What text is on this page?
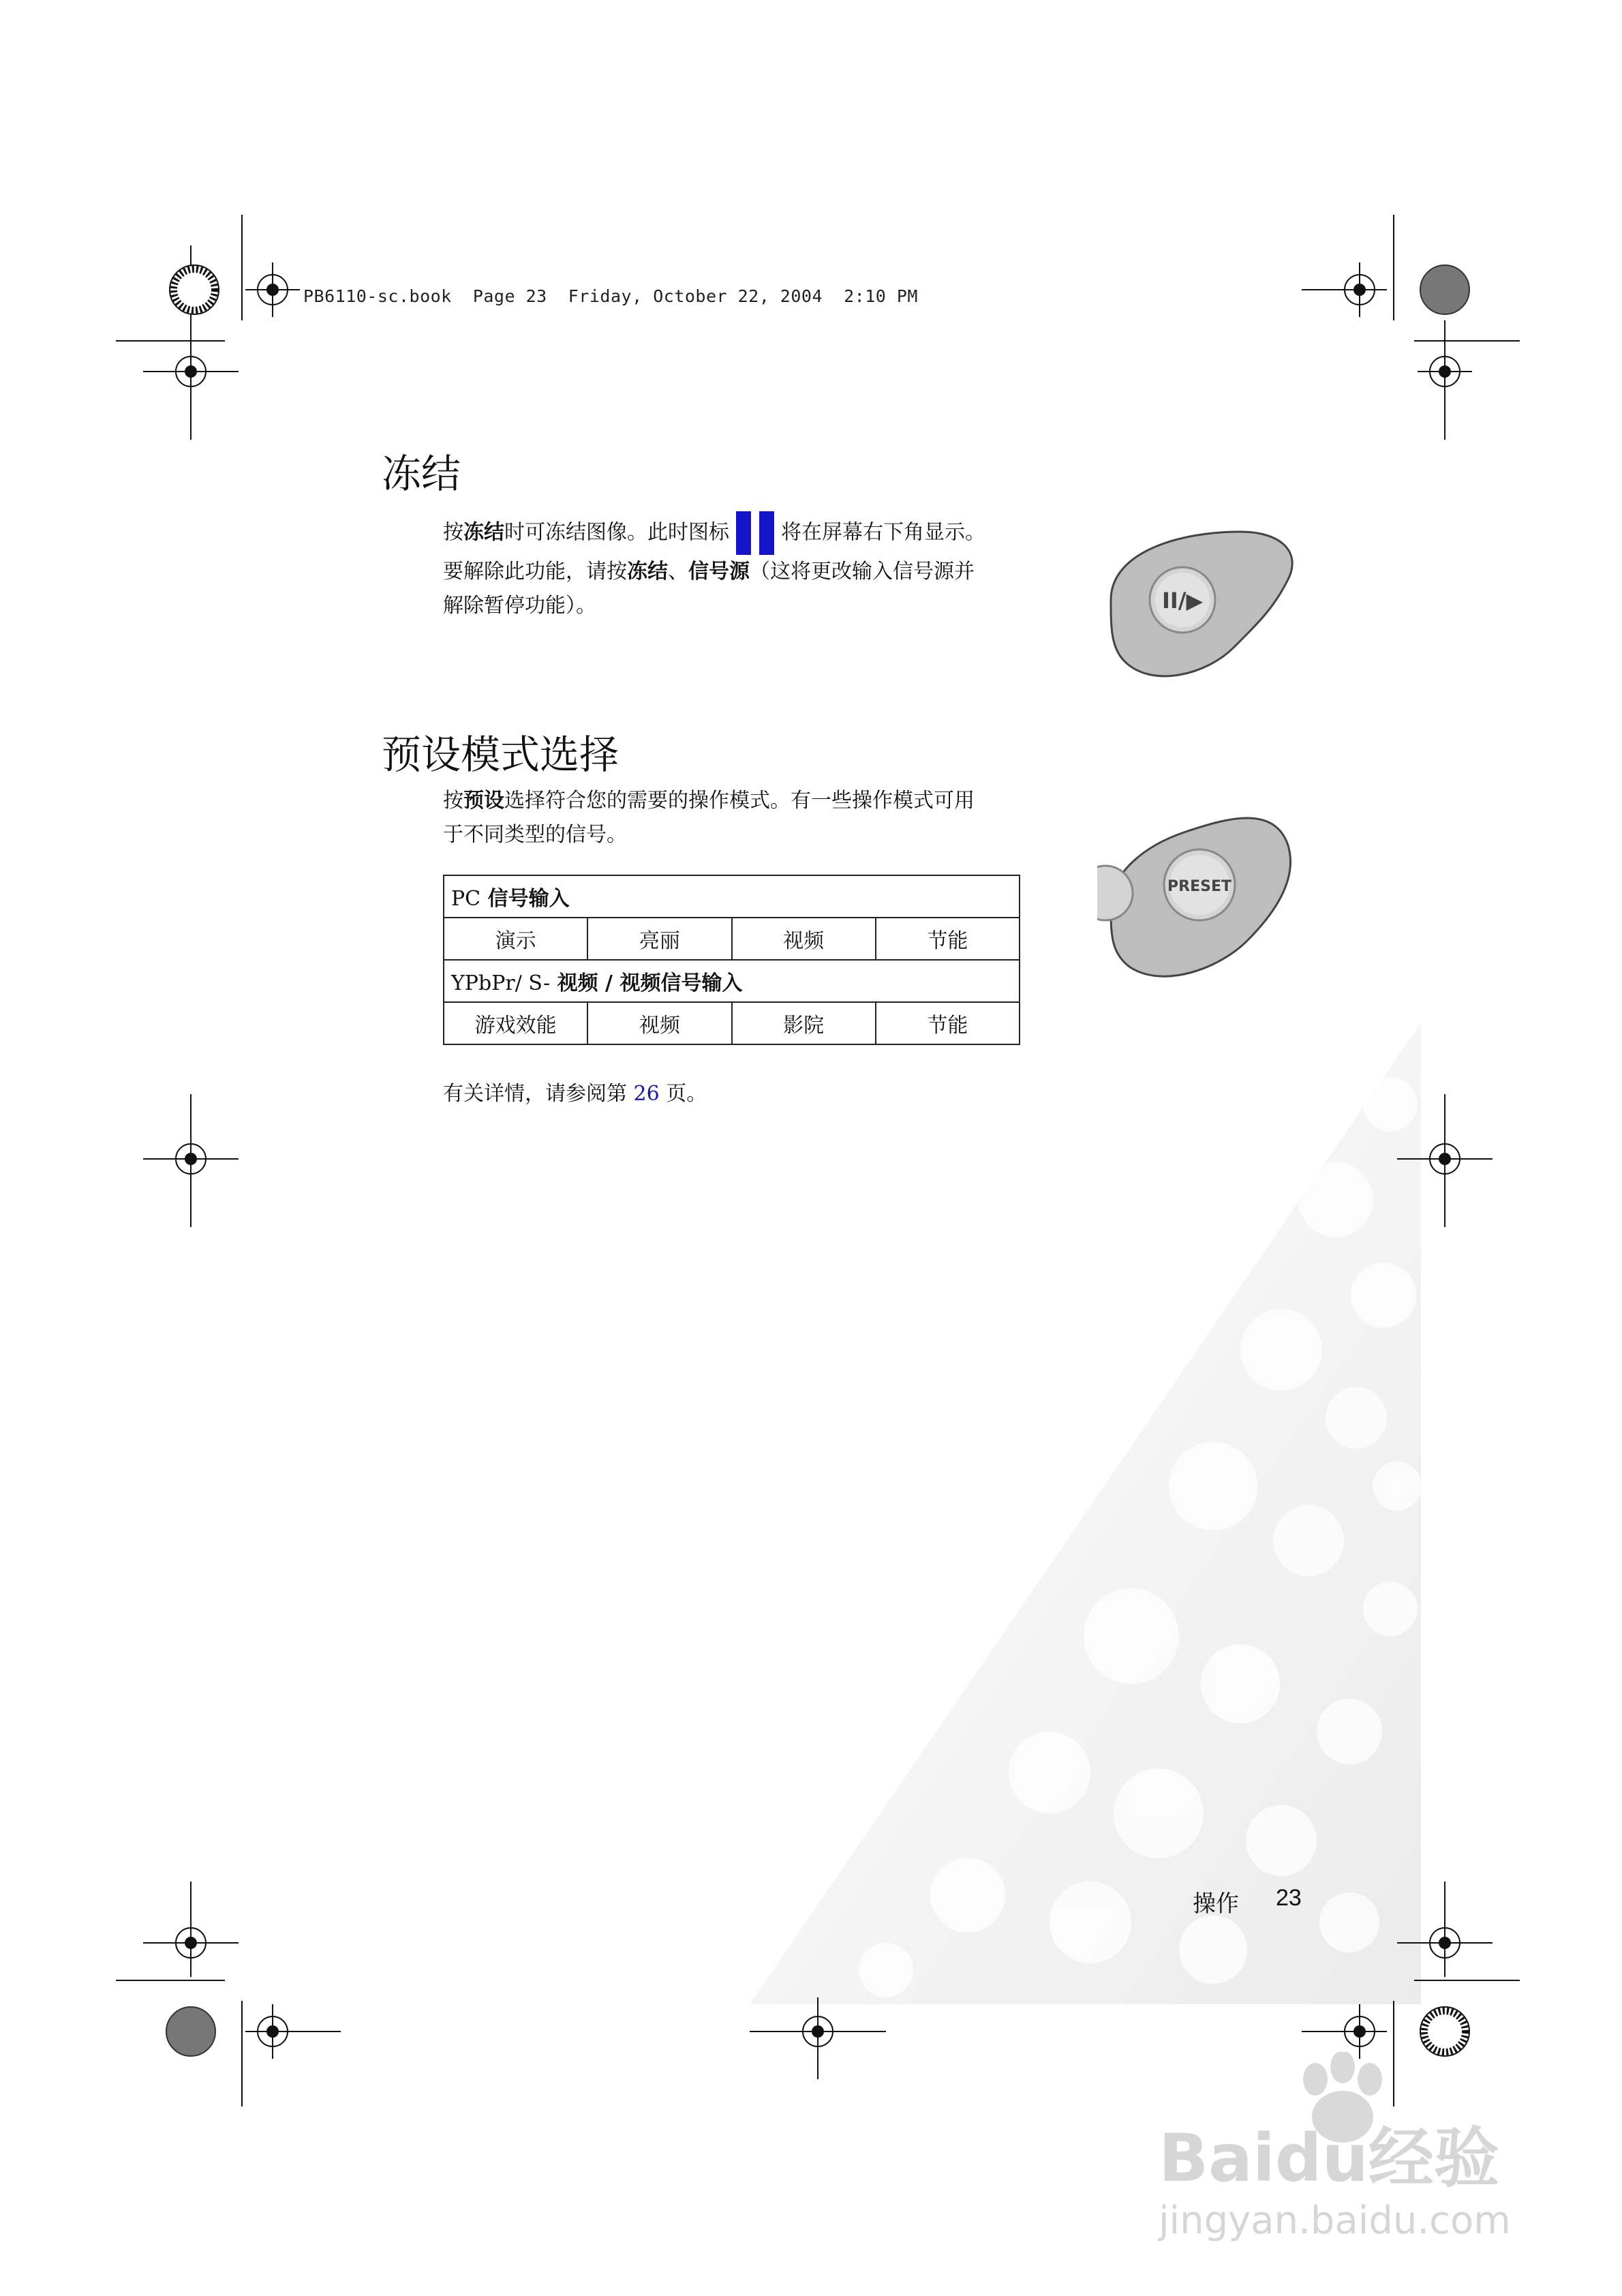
PB6110-sc.book  Page 23  Friday, October 22, 2004  2:10 PM
冻结
按冻结时可冻结图像。此时图标	将在屏幕右下角显示。
要解除此功能，请按冻结、信号源（这将更改输入信号源并
解除暂停功能）。	II/▶
预设模式选择
按预设选择符合您的需要的操作模式。有一些操作模式可用
于不同类型的信号。
PRESET
PC 信号输入			
演示	亮丽	视频	节能
YPbPr/ S- 视频 / 视频信号输入			
游戏效能	视频	影院	节能
有关详情，请参阅第 26 页。
操作 23
Baidu经验
jingyan.baidu.com
